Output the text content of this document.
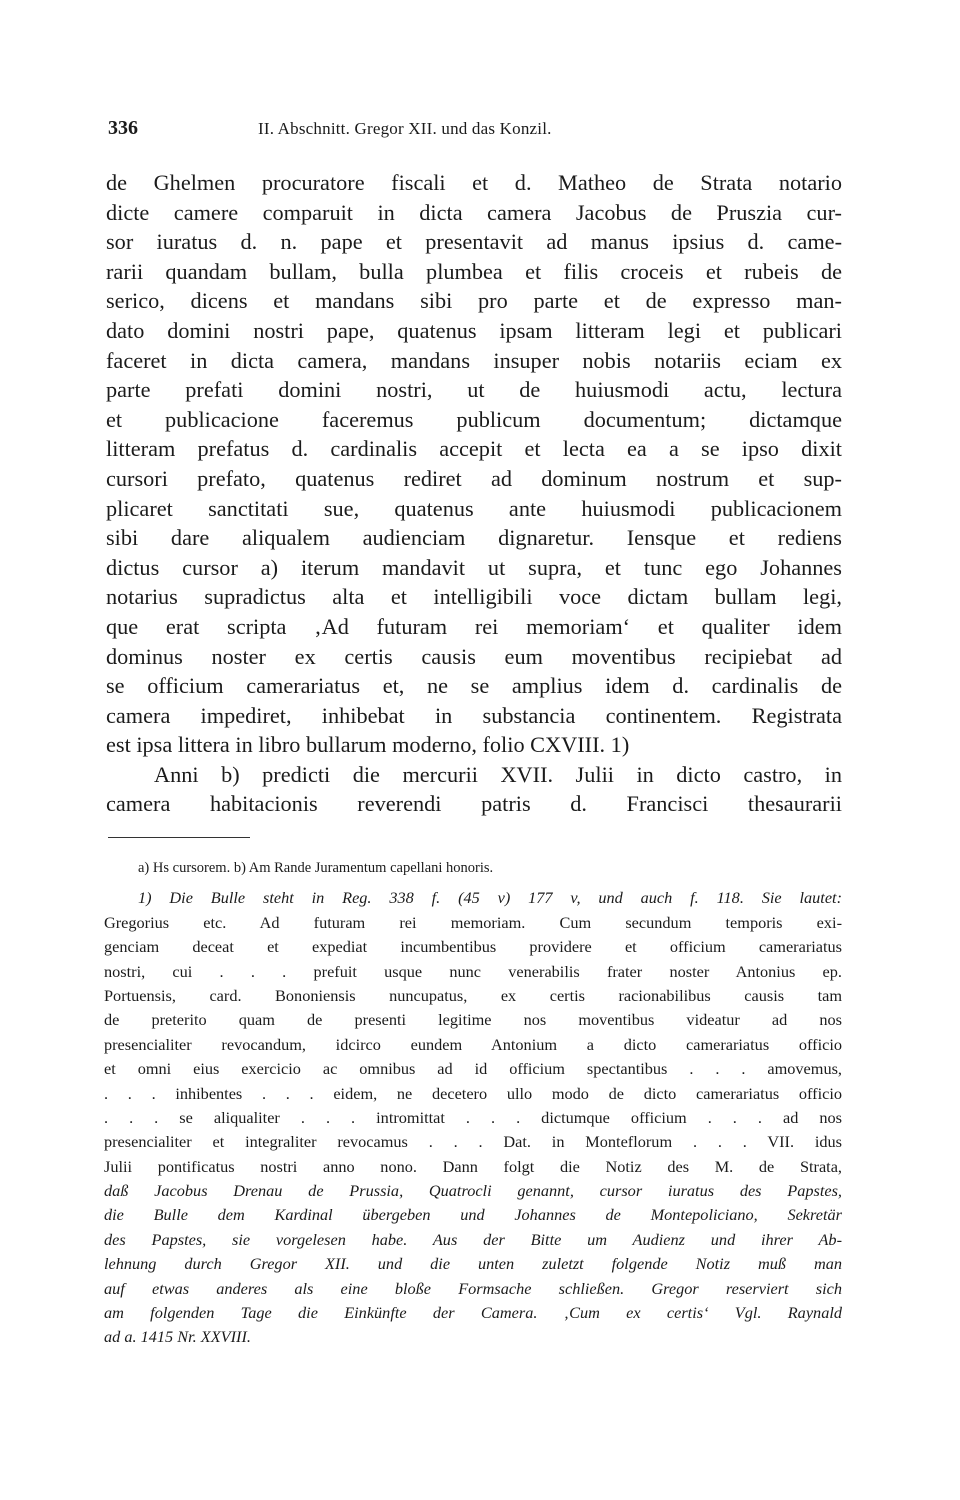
336	II. Abschnitt. Gregor XII. und das Konzil.
de Ghelmen procuratore fiscali et d. Matheo de Strata notario
dicte camere comparuit in dicta camera Jacobus de Pruszia cur-
sor iuratus d. n. pape et presentavit ad manus ipsius d. came-
rarii quandam bullam, bulla plumbea et filis croceis et rubeis de
serico, dicens et mandans sibi pro parte et de expresso man-
dato domini nostri pape, quatenus ipsam litteram legi et publicari
faceret in dicta camera, mandans insuper nobis notariis eciam ex
parte prefati domini nostri, ut de huiusmodi actu, lectura
et publicacione faceremus publicum documentum; dictamque
litteram prefatus d. cardinalis accepit et lecta ea a se ipso dixit
cursori prefato, quatenus rediret ad dominum nostrum et sup-
plicaret sanctitati sue, quatenus ante huiusmodi publicacionem
sibi dare aliqualem audienciam dignaretur. Iensque et rediens
dictus cursor a) iterum mandavit ut supra, et tunc ego Johannes
notarius supradictus alta et intelligibili voce dictam bullam legi,
que erat scripta ‚Ad futuram rei memoriam‘ et qualiter idem
dominus noster ex certis causis eum moventibus recipiebat ad
se officium camerariatus et, ne se amplius idem d. cardinalis de
camera impediret, inhibebat in substancia continentem. Registrata
est ipsa littera in libro bullarum moderno, folio CXVIII. 1)
Anni b) predicti die mercurii XVII. Julii in dicto castro, in
camera habitacionis reverendi patris d. Francisci thesaurarii
a) Hs cursorem. b) Am Rande Juramentum capellani honoris.
1) Die Bulle steht in Reg. 338 f. (45 v) 177 v, und auch f. 118. Sie lautet:
Gregorius etc. Ad futuram rei memoriam. Cum secundum temporis exi-
genciam deceat et expediat incumbentibus providere et officium camerariatus
nostri, cui . . . prefuit usque nunc venerabilis frater noster Antonius ep.
Portuensis, card. Bononiensis nuncupatus, ex certis racionabilibus causis tam
de preterito quam de presenti legitime nos moventibus videatur ad nos
presencialiter revocandum, idcirco eundem Antonium a dicto camerariatus officio
et omni eius exercicio ac omnibus ad id officium spectantibus . . . amovemus,
. . . inhibentes . . . eidem, ne decetero ullo modo de dicto camerariatus officio
. . . se aliqualiter . . . intromittat . . . dictumque officium . . . ad nos
presencialiter et integraliter revocamus . . . Dat. in Monteflorum . . . VII. idus
Julii pontificatus nostri anno nono. Dann folgt die Notiz des M. de Strata,
daß Jacobus Drenau de Prussia, Quatrocli genannt, cursor iuratus des Papstes,
die Bulle dem Kardinal übergeben und Johannes de Montepoliciano, Sekretär
des Papstes, sie vorgelesen habe. Aus der Bitte um Audienz und ihrer Ab-
lehnung durch Gregor XII. und die unten zuletzt folgende Notiz muß man
auf etwas anderes als eine bloße Formsache schließen. Gregor reserviert sich
am folgenden Tage die Einkünfte der Camera. ‚Cum ex certis‘ Vgl. Raynald
ad a. 1415 Nr. XXVIII.
